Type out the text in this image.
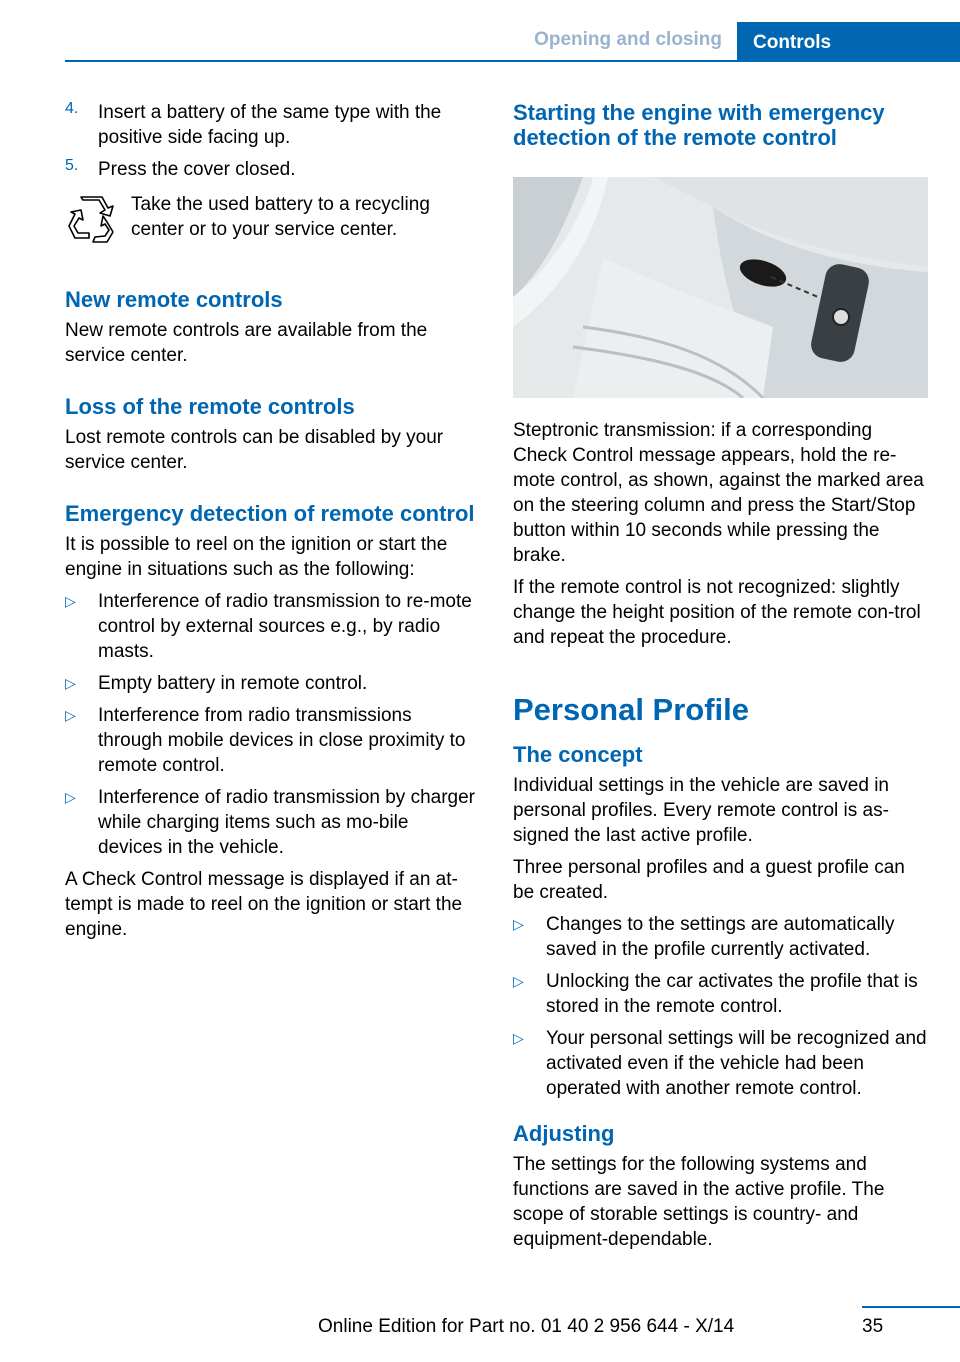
Opening and closing	Controls
4.	Insert a battery of the same type with the positive side facing up.

5.	Press the cover closed.

Take the used battery to a recycling center or to your service center.

New remote controls

New remote controls are available from the service center.

Loss of the remote controls

Lost remote controls can be disabled by your service center.

Emergency detection of remote control

It is possible to reel on the ignition or start the engine in situations such as the following:

▷	Interference of radio transmission to re‐mote control by external sources e.g., by radio masts.
▷	Empty battery in remote control.
▷	Interference from radio transmissions through mobile devices in close proximity to remote control.
▷	Interference of radio transmission by charger while charging items such as mo‐bile devices in the vehicle.

A Check Control message is displayed if an at‐tempt is made to reel on the ignition or start the engine.

Starting the engine with emergency detection of the remote control

Steptronic transmission: if a corresponding Check Control message appears, hold the re‐mote control, as shown, against the marked area on the steering column and press the Start/Stop button within 10 seconds while pressing the brake.

If the remote control is not recognized: slightly change the height position of the remote con‐trol and repeat the procedure.

Personal Profile
The concept

Individual settings in the vehicle are saved in personal profiles. Every remote control is as‐signed the last active profile.

Three personal profiles and a guest profile can be created.

▷	Changes to the settings are automatically saved in the profile currently activated.
▷	Unlocking the car activates the profile that is stored in the remote control.
▷	Your personal settings will be recognized and activated even if the vehicle had been operated with another remote control.
Adjusting

The settings for the following systems and functions are saved in the active profile. The scope of storable settings is country- and equipment-dependable.

Online Edition for Part no. 01 40 2 956 644 - X/14	35
